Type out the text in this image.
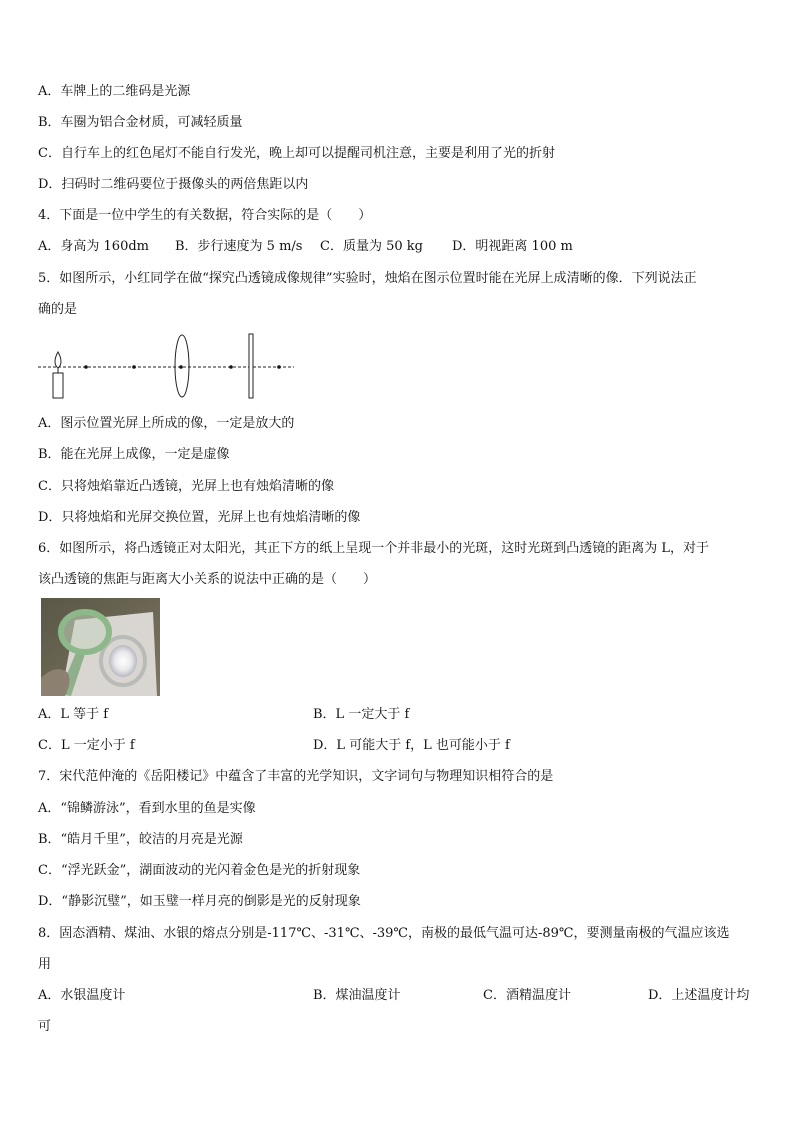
A．车牌上的二维码是光源
B．车圈为铝合金材质，可减轻质量
C．自行车上的红色尾灯不能自行发光，晚上却可以提醒司机注意，主要是利用了光的折射
D．扫码时二维码要位于摄像头的两倍焦距以内
4．下面是一位中学生的有关数据，符合实际的是（　　）
A．身高为 160dm B．步行速度为 5 m/s C．质量为 50 kg D．明视距离 100 m
5．如图所示，小红同学在做“探究凸透镜成像规律”实验时，烛焰在图示位置时能在光屏上成清晰的像．下列说法正
确的是
A．图示位置光屏上所成的像，一定是放大的
B．能在光屏上成像，一定是虚像
C．只将烛焰靠近凸透镜，光屏上也有烛焰清晰的像
D．只将烛焰和光屏交换位置，光屏上也有烛焰清晰的像
6．如图所示，将凸透镜正对太阳光，其正下方的纸上呈现一个并非最小的光斑，这时光斑到凸透镜的距离为 L，对于
该凸透镜的焦距与距离大小关系的说法中正确的是（　　）
A．L 等于 f	B．L 一定大于 f
C．L 一定小于 f	D．L 可能大于 f，L 也可能小于 f
7．宋代范仲淹的《岳阳楼记》中蕴含了丰富的光学知识，文字词句与物理知识相符合的是
A．“锦鳞游泳”，看到水里的鱼是实像
B．“皓月千里”，皎洁的月亮是光源
C．“浮光跃金”，湖面波动的光闪着金色是光的折射现象
D．“静影沉璧”，如玉璧一样月亮的倒影是光的反射现象
8．固态酒精、煤油、水银的熔点分别是-117℃、-31℃、-39℃，南极的最低气温可达-89℃，要测量南极的气温应该选
用
A．水银温度计	B．煤油温度计	C．酒精温度计	D．上述温度计均
可
